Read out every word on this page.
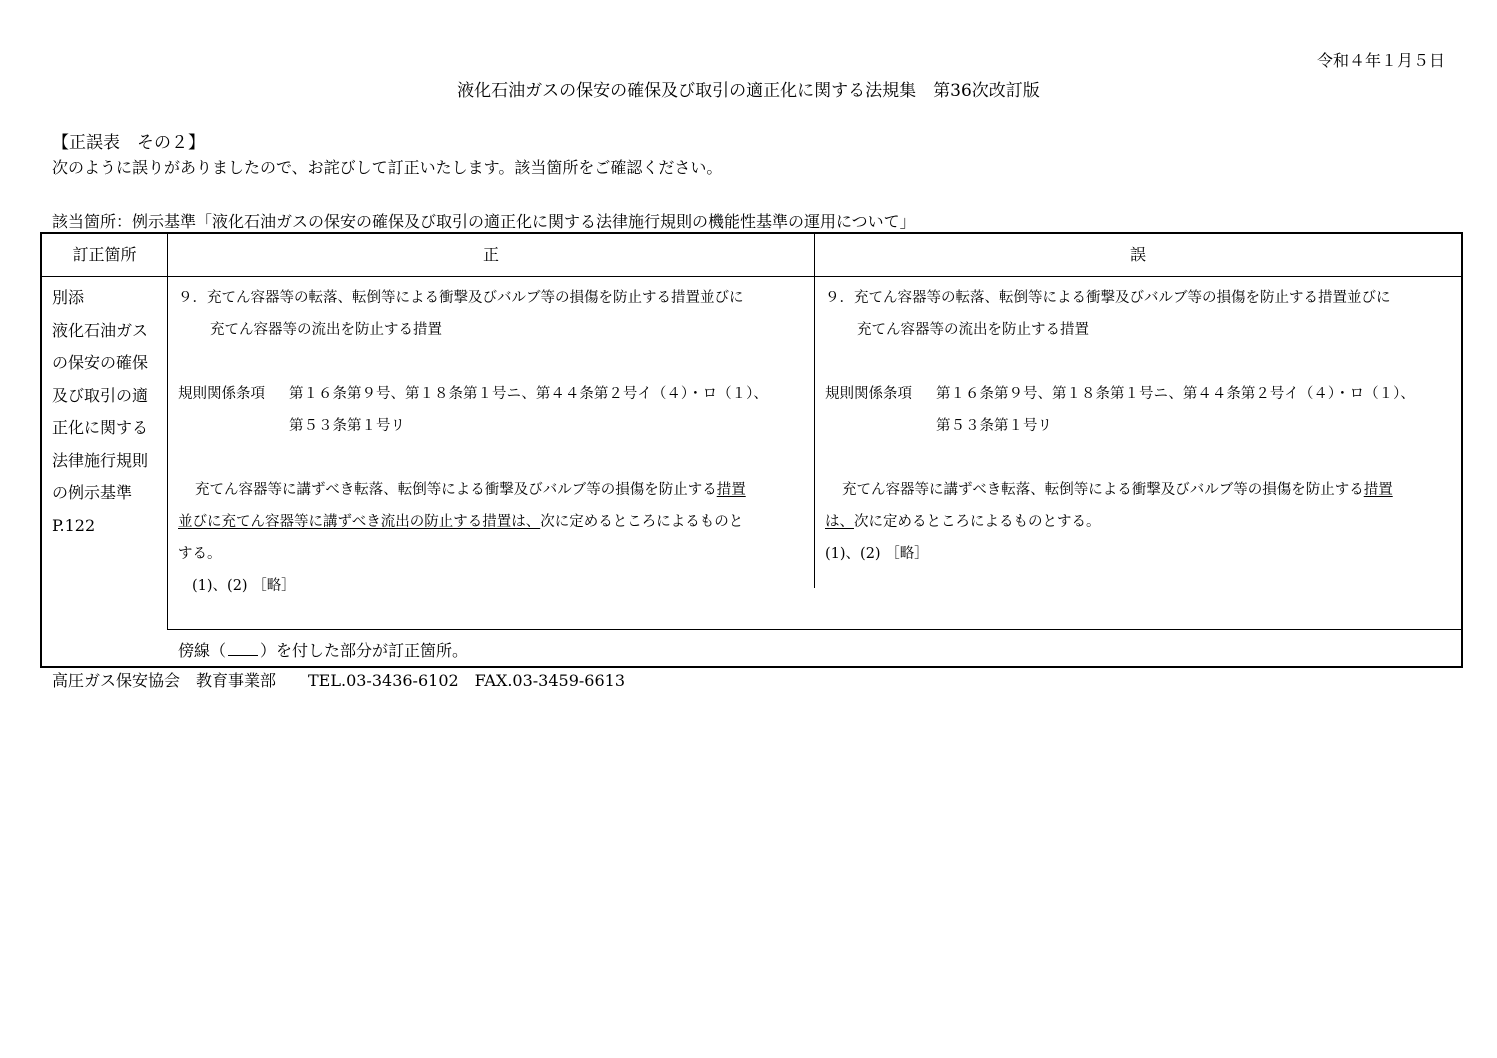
令和４年１月５日
液化石油ガスの保安の確保及び取引の適正化に関する法規集　第36次改訂版
【正誤表　その２】
次のように誤りがありましたので、お詫びして訂正いたします。該当箇所をご確認ください。
該当箇所：例示基準「液化石油ガスの保安の確保及び取引の適正化に関する法律施行規則の機能性基準の運用について」
訂正箇所	正	誤
別添
液化石油ガス
の保安の確保
及び取引の適
正化に関する
法律施行規則
の例示基準
P.122
９．充てん容器等の転落、転倒等による衝撃及びバルブ等の損傷を防止する措置並びに
充てん容器等の流出を防止する措置
規則関係条項 第１６条第９号、第１８条第１号ニ、第４４条第２号イ（４）・ロ（１）、
第５３条第１号リ
充てん容器等に講ずべき転落、転倒等による衝撃及びバルブ等の損傷を防止する措置
並びに充てん容器等に講ずべき流出の防止する措置は、次に定めるところによるものと
する。
(1)、(2) ［略］
９．充てん容器等の転落、転倒等による衝撃及びバルブ等の損傷を防止する措置並びに
充てん容器等の流出を防止する措置
規則関係条項 第１６条第９号、第１８条第１号ニ、第４４条第２号イ（４）・ロ（１）、
第５３条第１号リ
充てん容器等に講ずべき転落、転倒等による衝撃及びバルブ等の損傷を防止する措置
は、次に定めるところによるものとする。
(1)、(2) ［略］
傍線（ ）を付した部分が訂正箇所。
高圧ガス保安協会　教育事業部　　TEL.03-3436-6102　FAX.03-3459-6613
